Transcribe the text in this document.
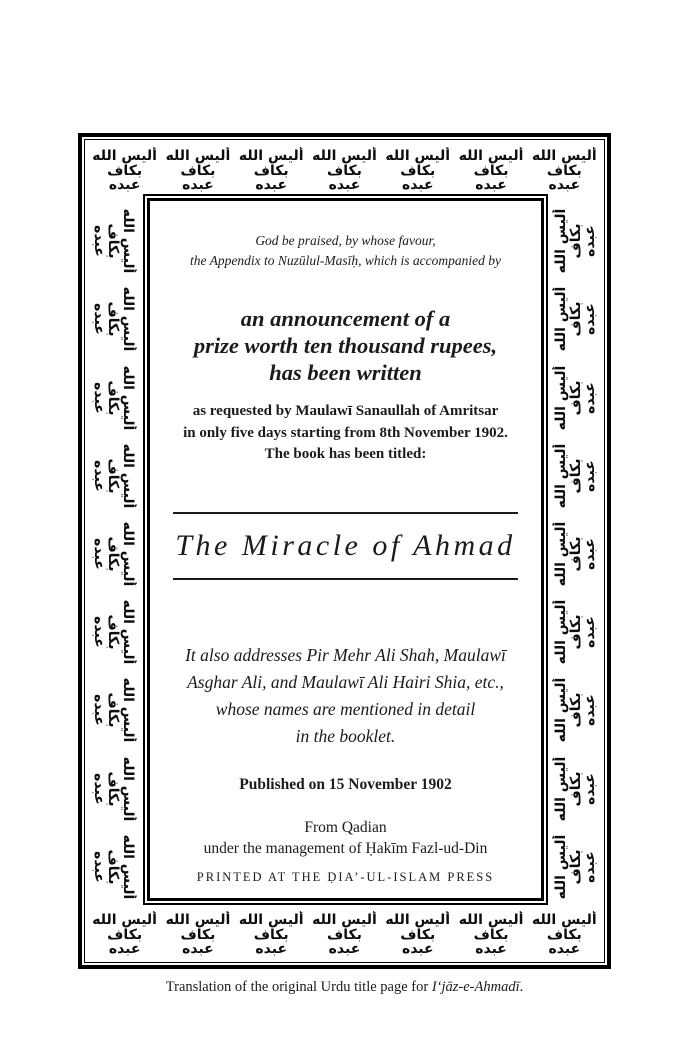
أليس الله بكاف عبده
أليس الله بكاف عبده
أليس الله بكاف عبده
أليس الله بكاف عبده
أليس الله بكاف عبده
أليس الله بكاف عبده
أليس الله بكاف عبده
أليس الله بكاف عبده
أليس الله بكاف عبده
أليس الله بكاف عبده
أليس الله بكاف عبده
أليس الله بكاف عبده
أليس الله بكاف عبده
أليس الله بكاف عبده
أليس الله بكاف عبده
أليس الله بكاف عبده
أليس الله بكاف عبده
أليس الله بكاف عبده
أليس الله بكاف عبده
أليس الله بكاف عبده
أليس الله بكاف عبده
أليس الله بكاف عبده
أليس الله بكاف عبده
أليس الله بكاف عبده
أليس الله بكاف عبده
أليس الله بكاف عبده
أليس الله بكاف عبده
أليس الله بكاف عبده
أليس الله بكاف عبده
أليس الله بكاف عبده
أليس الله بكاف عبده
أليس الله بكاف عبده
God be praised, by whose favour,
the Appendix to Nuzūlul-Masīḥ, which is accompanied by
an announcement of a
prize worth ten thousand rupees,
has been written
as requested by Maulawī Sanaullah of Amritsar
in only five days starting from 8th November 1902.
The book has been titled:
The Miracle of Ahmad
It also addresses Pir Mehr Ali Shah, Maulawī
Asghar Ali, and Maulawī Ali Hairi Shia, etc.,
whose names are mentioned in detail
in the booklet.
Published on 15 November 1902
From Qadian
under the management of Ḥakīm Fazl-ud-Din
PRINTED AT THE ḌIA’-UL-ISLAM PRESS
Translation of the original Urdu title page for I‘jāz-e-Ahmadī.
